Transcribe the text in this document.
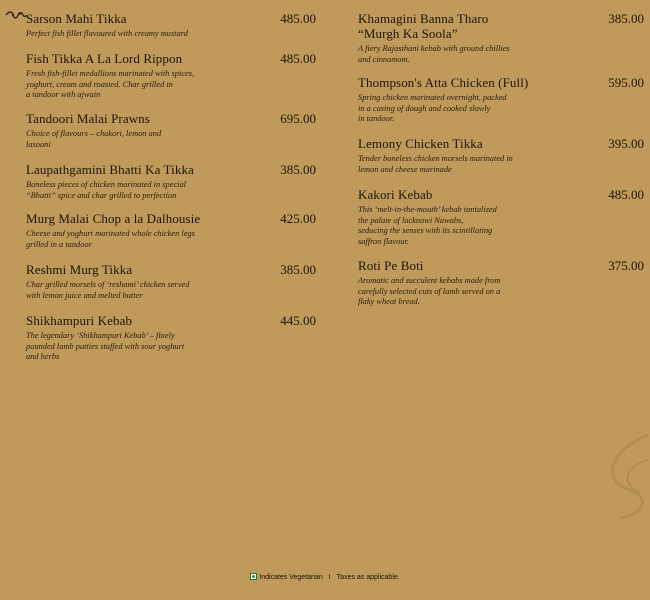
Sarson Mahi Tikka	485.00
Perfect fish fillet flavoured with creamy mustard
Fish Tikka A La Lord Rippon	485.00
Fresh fish-fillet medallions marinated with spices,
yoghurt, cream and roasted. Char grilled in
a tandoor with ajwain
Tandoori Malai Prawns	695.00
Choice of flavours – chakori, lemon and
lasooni
Laupathgamini Bhatti Ka Tikka	385.00
Boneless pieces of chicken marinated in special
“Bhatti” spice and char grilled to perfection
Murg Malai Chop a la Dalhousie	425.00
Cheese and yoghurt marinated whole chicken legs
grilled in a tandoor
Reshmi Murg Tikka	385.00
Char grilled morsels of ‘reshami’ chicken served
with lemon juice and melted butter
Shikhampuri Kebab	445.00
The legendary ‘Shikhampuri Kebab’ – finely
pounded lamb patties stuffed with sour yoghurt
and herbs
Khamagini Banna Tharo
“Murgh Ka Soola”
385.00
A fiery Rajasthani kebab with ground chillies
and cinnamom.
Thompson's Atta Chicken (Full)	595.00
Spring chicken marinated overnight, packed
in a casing of dough and cooked slowly
in tandoor.
Lemony Chicken Tikka	395.00
Tender boneless chicken morsels marinated in
lemon and cheese marinade
Kakori Kebab	485.00
This ‘melt-in-the-mouth’ kebab tantalized
the palate of lucknowi Nawabs,
seducing the senses with its scintillating
saffron flavour.
Roti Pe Boti	375.00
Aromatic and succulent kebabs made from
carefully selected cuts of lamb served on a
flaky wheat bread.
Indicates Vegetarian I Taxes as applicable.
